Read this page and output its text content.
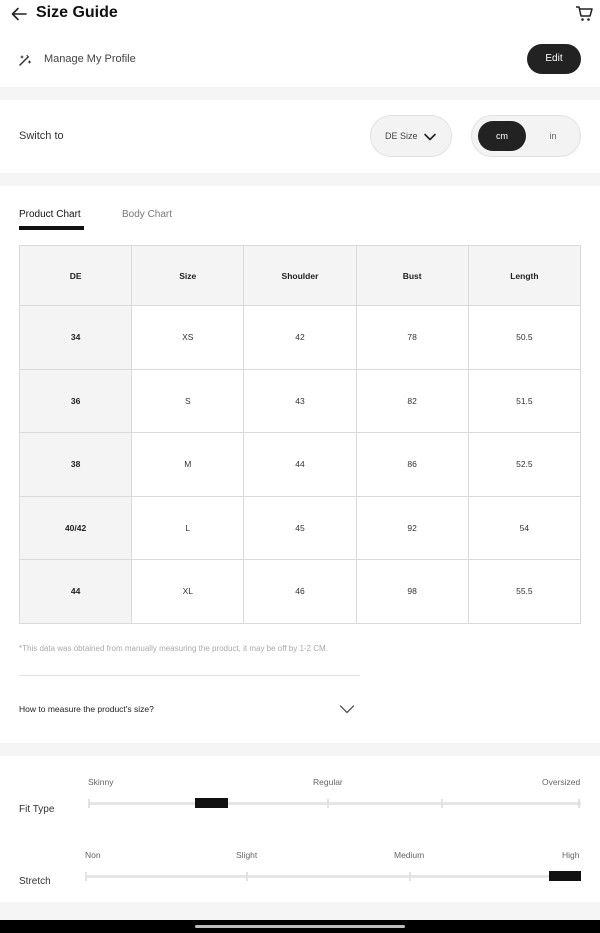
Size Guide
Manage My Profile	Edit
Switch to	DE Size	cm	in
Product Chart	Body Chart
DE	Size	Shoulder	Bust	Length
34	XS	42	78	50.5
36	S	43	82	51.5
38	M	44	86	52.5
40/42	L	45	92	54
44	XL	46	98	55.5
*This data was obtained from manually measuring the product, it may be off by 1-2 CM.
How to measure the product's size?
Fit Type
Skinny	Regular	Oversized
Stretch
Non	Slight	Medium	High
